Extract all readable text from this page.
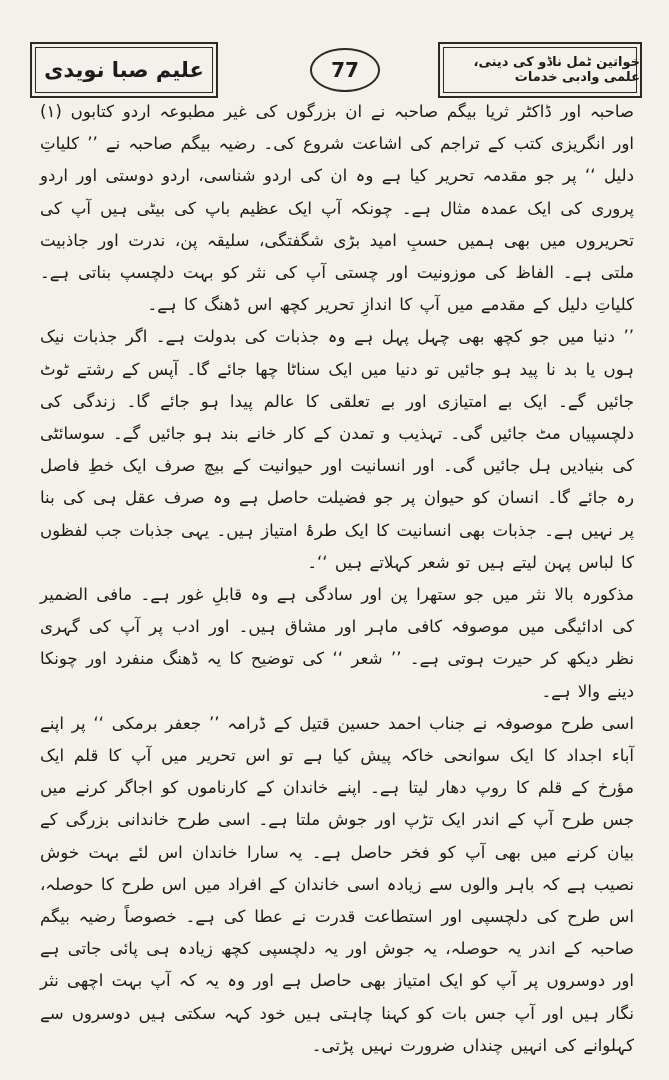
علیم صبا نویدی	77	خواتین ٹمل ناڈو کی دینی، علمی وادبی خدمات

صاحبہ اور ڈاکٹر ثریا بیگم صاحبہ نے ان بزرگوں کی غیر مطبوعہ اردو کتابوں (۱) اور انگریزی کتب کے تراجم کی اشاعت شروع کی۔ رضیہ بیگم صاحبہ نے ’’ کلیاتِ دلیل ‘‘ پر جو مقدمہ تحریر کیا ہے وہ ان کی اردو شناسی، اردو دوستی اور اردو پروری کی ایک عمدہ مثال ہے۔ چونکہ آپ ایک عظیم باپ کی بیٹی ہیں آپ کی تحریروں میں بھی ہمیں حسبِ امید بڑی شگفتگی، سلیقہ پن، ندرت اور جاذبیت ملتی ہے۔ الفاظ کی موزونیت اور چستی آپ کی نثر کو بہت دلچسپ بناتی ہے۔ کلیاتِ دلیل کے مقدمے میں آپ کا اندازِ تحریر کچھ اس ڈھنگ کا ہے۔

’’ دنیا میں جو کچھ بھی چہل پہل ہے وہ جذبات کی بدولت ہے۔ اگر جذبات نیک ہوں یا بد نا پید ہو جائیں تو دنیا میں ایک سناٹا چھا جائے گا۔ آپس کے رشتے ٹوٹ جائیں گے۔ ایک بے امتیازی اور بے تعلقی کا عالم پیدا ہو جائے گا۔ زندگی کی دلچسپیاں مٹ جائیں گی۔ تہذیب و تمدن کے کار خانے بند ہو جائیں گے۔ سوسائٹی کی بنیادیں ہل جائیں گی۔ اور انسانیت اور حیوانیت کے بیچ صرف ایک خطِ فاصل رہ جائے گا۔ انسان کو حیوان پر جو فضیلت حاصل ہے وہ صرف عقل ہی کی بنا پر نہیں ہے۔ جذبات بھی انسانیت کا ایک طرۂ امتیاز ہیں۔ یہی جذبات جب لفظوں کا لباس پہن لیتے ہیں تو شعر کہلاتے ہیں ‘‘۔

مذکورہ بالا نثر میں جو ستھرا پن اور سادگی ہے وہ قابلِ غور ہے۔ مافی الضمیر کی ادائیگی میں موصوفہ کافی ماہر اور مشاق ہیں۔ اور ادب پر آپ کی گہری نظر دیکھ کر حیرت ہوتی ہے۔ ’’ شعر ‘‘ کی توضیح کا یہ ڈھنگ منفرد اور چونکا دینے والا ہے۔

اسی طرح موصوفہ نے جناب احمد حسین قتیل کے ڈرامہ ’’ جعفر برمکی ‘‘ پر اپنے آباء اجداد کا ایک سوانحی خاکہ پیش کیا ہے تو اس تحریر میں آپ کا قلم ایک مؤرخ کے قلم کا روپ دھار لیتا ہے۔ اپنے خاندان کے کارناموں کو اجاگر کرنے میں جس طرح آپ کے اندر ایک تڑپ اور جوش ملتا ہے۔ اسی طرح خاندانی بزرگی کے بیان کرنے میں بھی آپ کو فخر حاصل ہے۔ یہ سارا خاندان اس لئے بہت خوش نصیب ہے کہ باہر والوں سے زیادہ اسی خاندان کے افراد میں اس طرح کا حوصلہ، اس طرح کی دلچسپی اور استطاعت قدرت نے عطا کی ہے۔ خصوصاً رضیہ بیگم صاحبہ کے اندر یہ حوصلہ، یہ جوش اور یہ دلچسپی کچھ زیادہ ہی پائی جاتی ہے اور دوسروں پر آپ کو ایک امتیاز بھی حاصل ہے اور وہ یہ کہ آپ بہت اچھی نثر نگار ہیں اور آپ جس بات کو کہنا چاہتی ہیں خود کہہ سکتی ہیں دوسروں سے کہلوانے کی انہیں چنداں ضرورت نہیں پڑتی۔
